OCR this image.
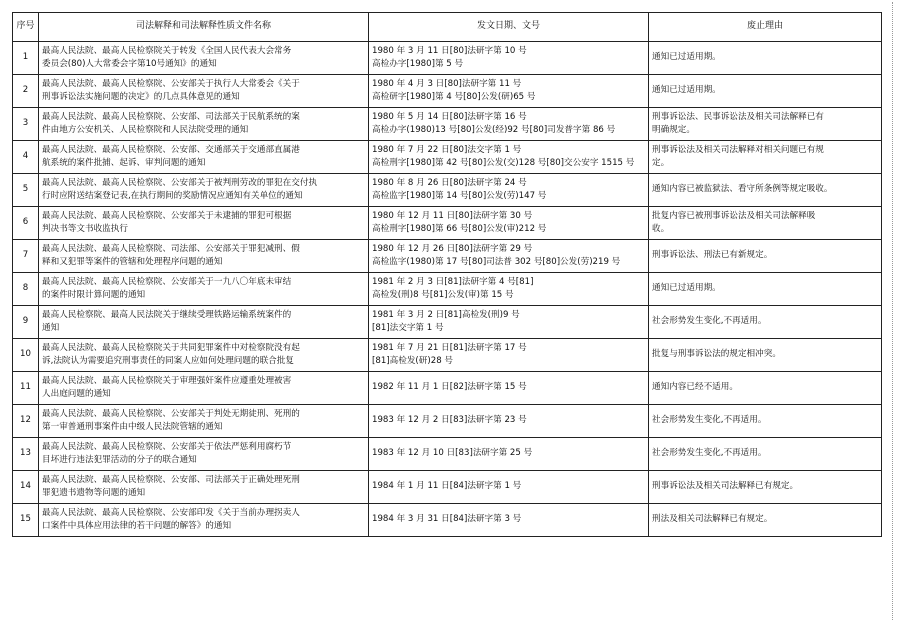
序号	司法解释和司法解释性质文件名称	发文日期、文号	废止理由
1	最高人民法院、最高人民检察院关于转发《全国人民代表大会常务
委员会(80)人大常委会字第10号通知》的通知	1980 年 3 月 11 日[80]法研字第 10 号
高检办字[1980]第 5 号	通知已过适用期。

2	最高人民法院、最高人民检察院、公安部关于执行人大常委会《关于
刑事诉讼法实施问题的决定》的几点具体意见的通知	1980 年 4 月 3 日[80]法研字第 11 号
高检研字[1980]第 4 号[80]公发(研)65 号	通知已过适用期。

3	最高人民法院、最高人民检察院、公安部、司法部关于民航系统的案
件由地方公安机关、人民检察院和人民法院受理的通知	1980 年 5 月 14 日[80]法研字第 16 号
高检办字(1980)13 号[80]公发(经)92 号[80]司发普字第 86 号	刑事诉讼法、民事诉讼法及相关司法解释已有
明确规定。

4	最高人民法院、最高人民检察院、公安部、交通部关于交通部直属港
航系统的案件批捕、起诉、审判问题的通知	1980 年 7 月 22 日[80]法交字第 1 号
高检刑字[1980]第 42 号[80]公发(交)128 号[80]交公安字 1515 号	刑事诉讼法及相关司法解释对相关问题已有规
定。

5	最高人民法院、最高人民检察院、公安部关于被判刑劳改的罪犯在交付执
行时应附送结案登记表,在执行期间的奖励情况应通知有关单位的通知	1980 年 8 月 26 日[80]法研字第 24 号
高检监字[1980]第 14 号[80]公发(劳)147 号	通知内容已被监狱法、看守所条例等规定吸收。

6	最高人民法院、最高人民检察院、公安部关于未逮捕的罪犯可根据
判决书等文书收监执行	1980 年 12 月 11 日[80]法研字第 30 号
高检刑字[1980]第 66 号[80]公发(审)212 号	批复内容已被刑事诉讼法及相关司法解释吸
收。

7	最高人民法院、最高人民检察院、司法部、公安部关于罪犯减刑、假
释和又犯罪等案件的管辖和处理程序问题的通知	1980 年 12 月 26 日[80]法研字第 29 号
高检监字(1980)第 17 号[80]司法普 302 号[80]公发(劳)219 号	刑事诉讼法、刑法已有新规定。

8	最高人民法院、最高人民检察院、公安部关于一九八〇年底未审结
的案件时限计算问题的通知	1981 年 2 月 3 日[81]法研字第 4 号[81]
高检发(刑)8 号[81]公发(审)第 15 号	通知已过适用期。

9	最高人民检察院、最高人民法院关于继续受理铁路运输系统案件的
通知	1981 年 3 月 2 日[81]高检发(刑)9 号
[81]法交字第 1 号	社会形势发生变化,不再适用。

10	最高人民法院、最高人民检察院关于共同犯罪案件中对检察院没有起
诉,法院认为需要追究刑事责任的同案人应如何处理问题的联合批复	1981 年 7 月 21 日[81]法研字第 17 号
[81]高检发(研)28 号	批复与刑事诉讼法的规定相冲突。

11	最高人民法院、最高人民检察院关于审理强奸案件应遵重处理被害
人出庭问题的通知	1982 年 11 月 1 日[82]法研字第 15 号	通知内容已经不适用。

12	最高人民法院、最高人民检察院、公安部关于判处无期徒刑、死刑的
第一审普通刑事案件由中级人民法院管辖的通知	1983 年 12 月 2 日[83]法研字第 23 号	社会形势发生变化,不再适用。

13	最高人民法院、最高人民检察院、公安部关于依法严惩利用腐朽节
目坏进行违法犯罪活动的分子的联合通知	1983 年 12 月 10 日[83]法研字第 25 号	社会形势发生变化,不再适用。

14	最高人民法院、最高人民检察院、公安部、司法部关于正确处理死刑
罪犯遗书遗物等问题的通知	1984 年 1 月 11 日[84]法研字第 1 号	刑事诉讼法及相关司法解释已有规定。

15	最高人民法院、最高人民检察院、公安部印发《关于当前办理拐卖人
口案件中具体应用法律的若干问题的解答》的通知	1984 年 3 月 31 日[84]法研字第 3 号	刑法及相关司法解释已有规定。
